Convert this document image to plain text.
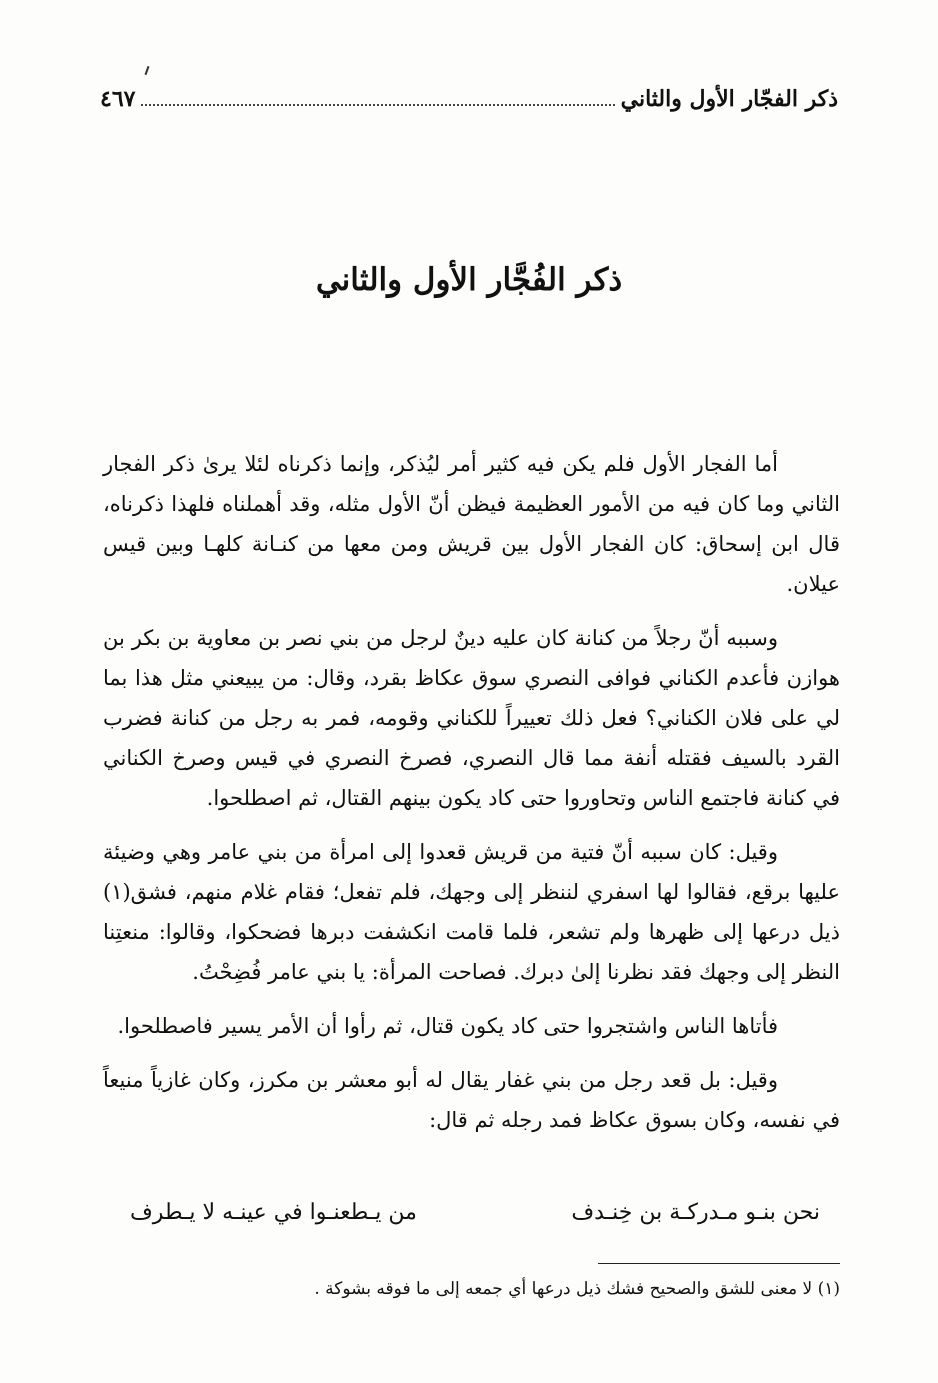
ذكر الفجّار الأول والثاني
٤٦٧
ذكر الفُجَّار الأول والثاني

أما الفجار الأول فلم يكن فيه كثير أمر ليُذكر، وإنما ذكرناه لئلا يرىٰ ذكر الفجار الثاني وما كان فيه من الأمور العظيمة فيظن أنّ الأول مثله، وقد أهملناه فلهذا ذكرناه، قال ابن إسحاق: كان الفجار الأول بين قريش ومن معها من كنـانة كلهـا وبين قيس عيلان.

وسببه أنّ رجلاً من كنانة كان عليه دينٌ لرجل من بني نصر بن معاوية بن بكر بن هوازن فأعدم الكناني فوافى النصري سوق عكاظ بقرد، وقال: من يبيعني مثل هذا بما لي على فلان الكناني؟ فعل ذلك تعييراً للكناني وقومه، فمر به رجل من كنانة فضرب القرد بالسيف فقتله أنفة مما قال النصري، فصرخ النصري في قيس وصرخ الكناني في كنانة فاجتمع الناس وتحاوروا حتى كاد يكون بينهم القتال، ثم اصطلحوا.

وقيل: كان سببه أنّ فتية من قريش قعدوا إلى امرأة من بني عامر وهي وضيئة عليها برقع، فقالوا لها اسفري لننظر إلى وجهك، فلم تفعل؛ فقام غلام منهم، فشق(١) ذيل درعها إلى ظهرها ولم تشعر، فلما قامت انكشفت دبرها فضحكوا، وقالوا: منعتِنا النظر إلى وجهك فقد نظرنا إلىٰ دبرك. فصاحت المرأة: يا بني عامر فُضِحْتُ.

فأتاها الناس واشتجروا حتى كاد يكون قتال، ثم رأوا أن الأمر يسير فاصطلحوا.

وقيل: بل قعد رجل من بني غفار يقال له أبو معشر بن مكرز، وكان غازياً منيعاً في نفسه، وكان بسوق عكاظ فمد رجله ثم قال:

نحن بنـو مـدركـة بن خِنـدف
من يـطعنـوا في عينـه لا يـطرف
(١) لا معنى للشق والصحيح فشك ذيل درعها أي جمعه إلى ما فوقه بشوكة .
